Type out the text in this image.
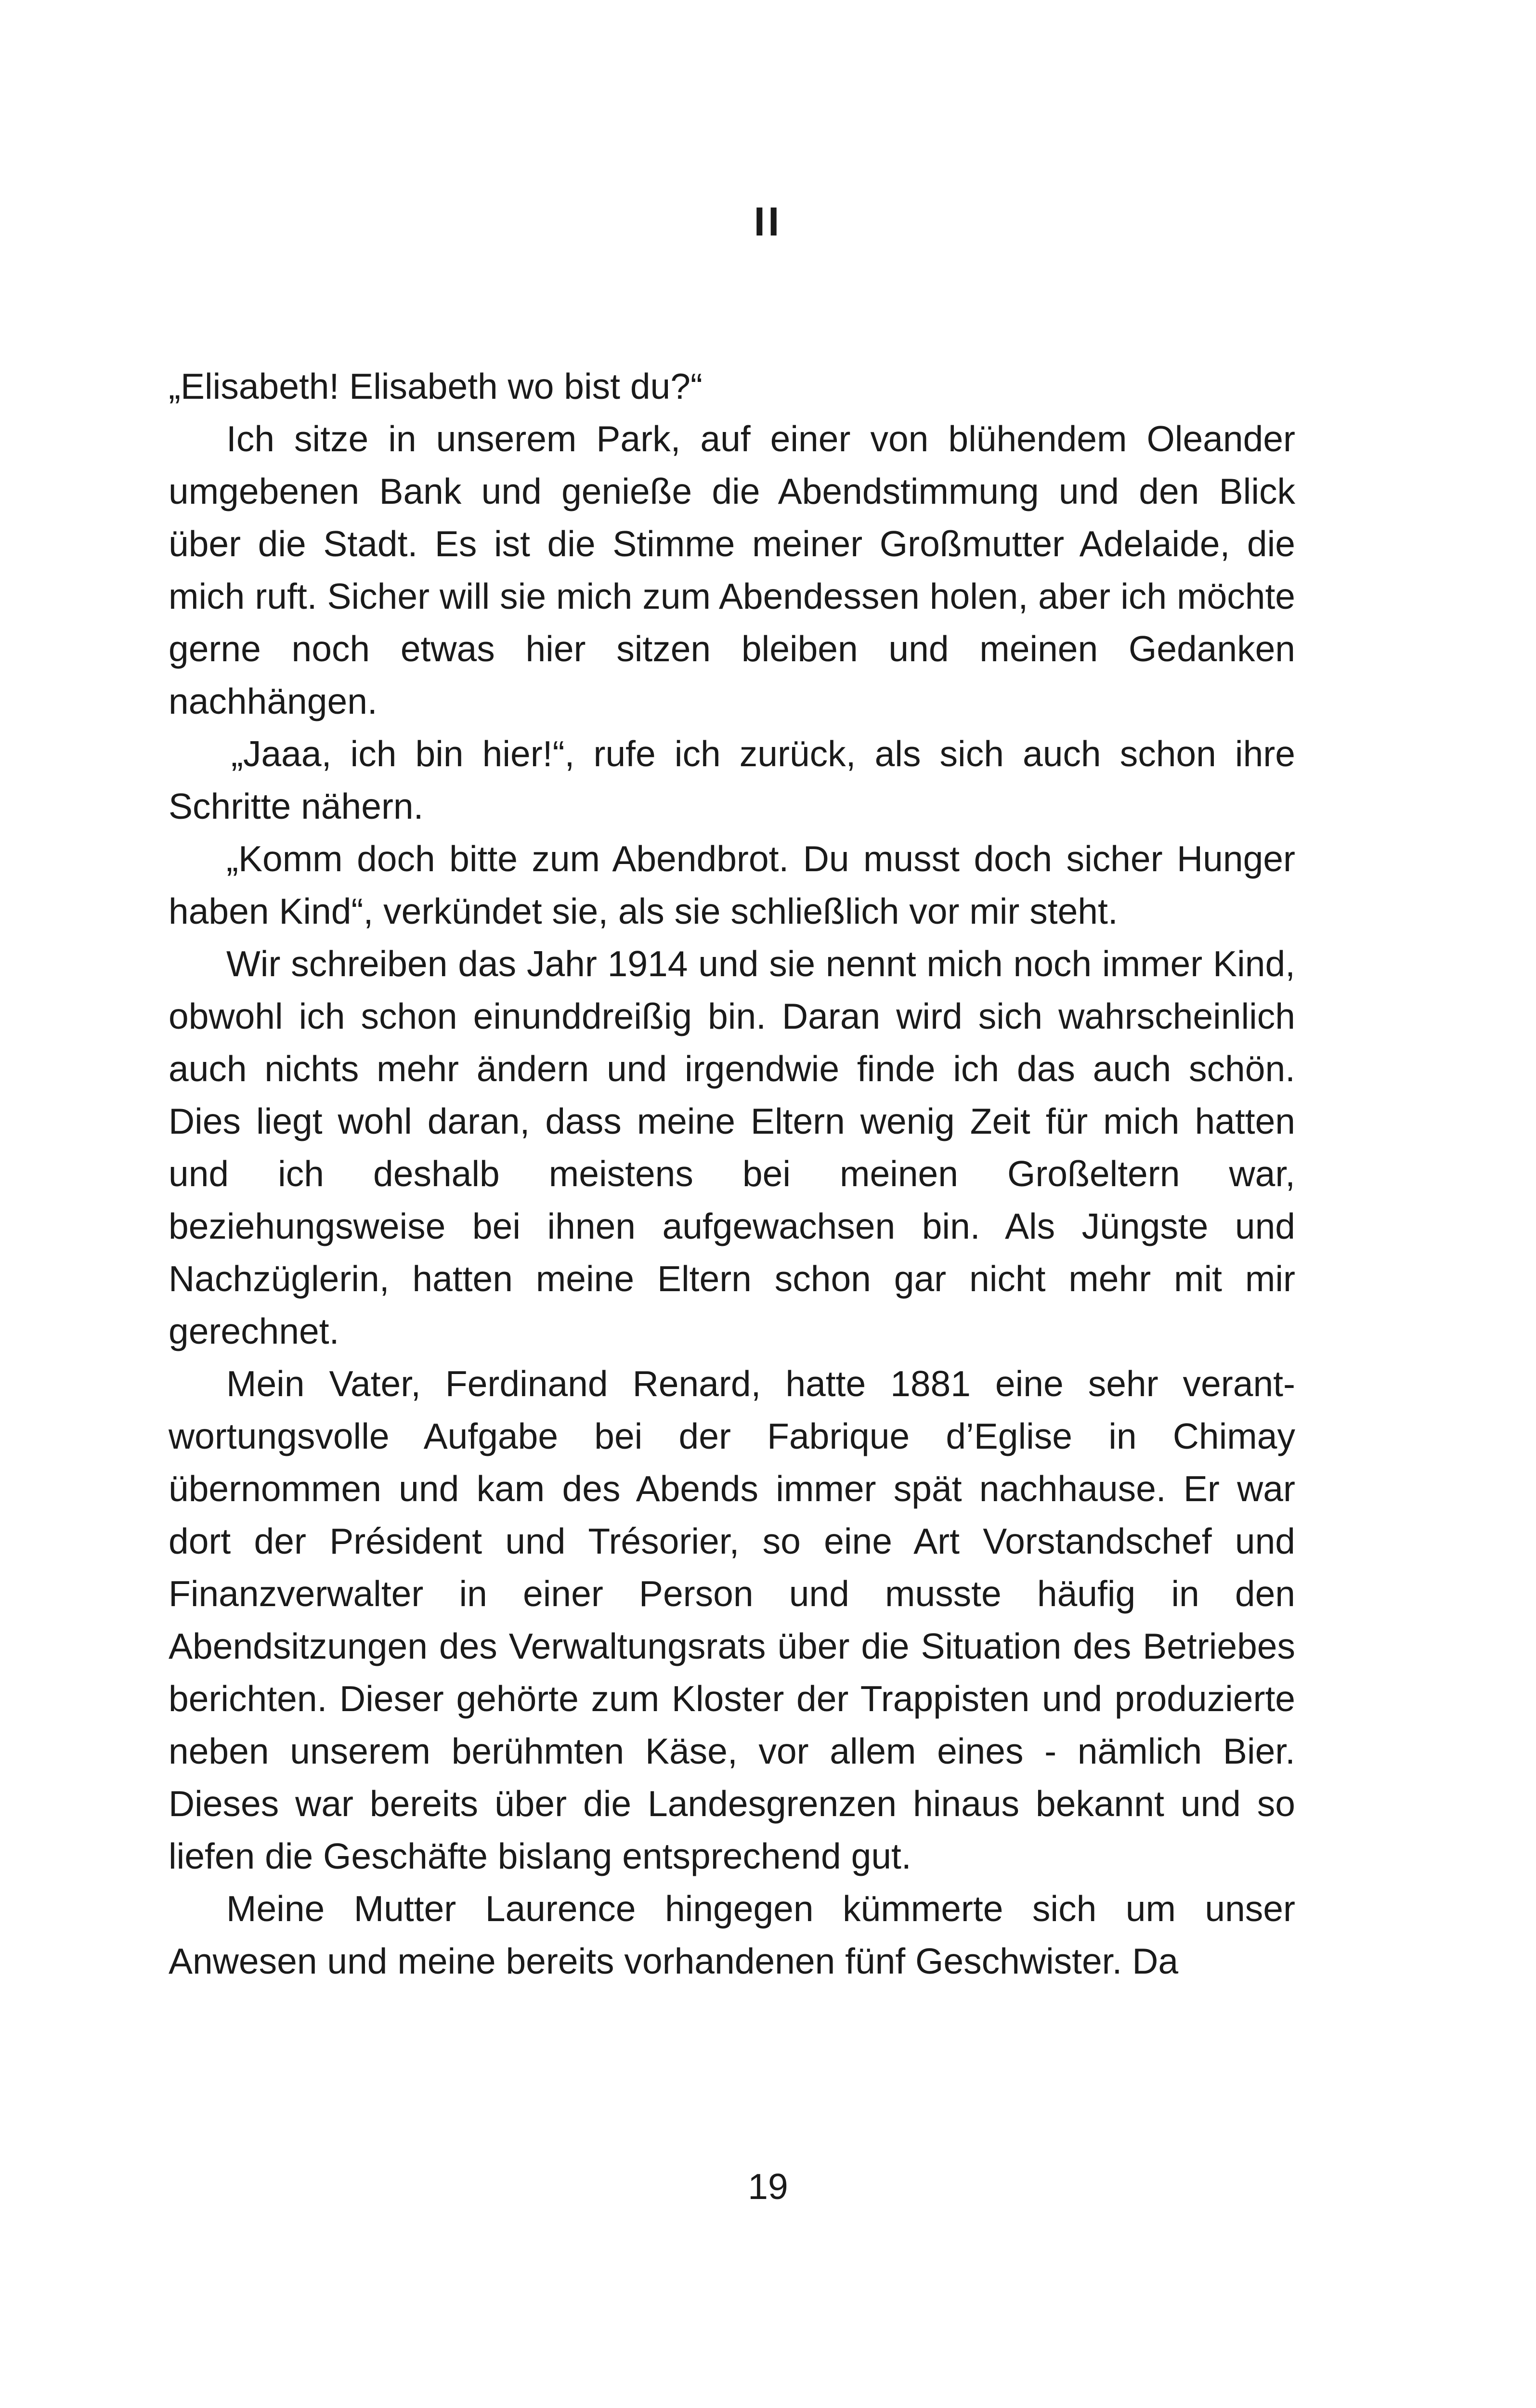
II

„Elisabeth! Elisabeth wo bist du?“

Ich sitze in unserem Park, auf einer von blühendem Oleander umgebenen Bank und genieße die Abendstimmung und den Blick über die Stadt. Es ist die Stimme meiner Großmutter Adelaide, die mich ruft. Sicher will sie mich zum Abendessen holen, aber ich möchte gerne noch etwas hier sitzen bleiben und meinen Gedanken nachhängen.

„Jaaa, ich bin hier!“, rufe ich zurück, als sich auch schon ihre Schritte nähern.

„Komm doch bitte zum Abendbrot. Du musst doch sicher Hunger haben Kind“, verkündet sie, als sie schließlich vor mir steht.

Wir schreiben das Jahr 1914 und sie nennt mich noch immer Kind, obwohl ich schon einunddreißig bin. Daran wird sich wahrscheinlich auch nichts mehr ändern und irgendwie finde ich das auch schön. Dies liegt wohl daran, dass meine Eltern wenig Zeit für mich hatten und ich deshalb meistens bei meinen Großeltern war, beziehungsweise bei ihnen aufgewachsen bin. Als Jüngste und Nachzüglerin, hatten meine Eltern schon gar nicht mehr mit mir gerechnet.

Mein Vater, Ferdinand Renard, hatte 1881 eine sehr verantwortungsvolle Aufgabe bei der Fabrique d’Eglise in Chimay übernommen und kam des Abends immer spät nachhause. Er war dort der Président und Trésorier, so eine Art Vorstandschef und Finanzverwalter in einer Person und musste häufig in den Abendsitzungen des Verwaltungsrats über die Situation des Betriebes berichten. Dieser gehörte zum Kloster der Trappisten und produzierte neben unserem berühmten Käse, vor allem eines - nämlich Bier. Dieses war bereits über die Landesgrenzen hinaus bekannt und so liefen die Geschäfte bislang entsprechend gut.

Meine Mutter Laurence hingegen kümmerte sich um unser Anwesen und meine bereits vorhandenen fünf Geschwister. Da

19
